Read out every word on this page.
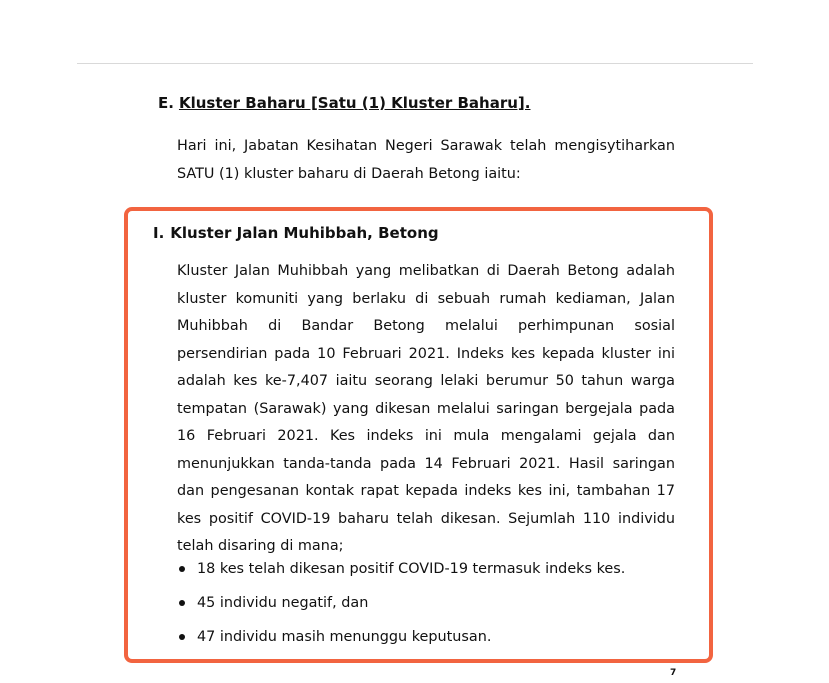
E. Kluster Baharu [Satu (1) Kluster Baharu].
Hari ini, Jabatan Kesihatan Negeri Sarawak telah mengisytiharkan SATU (1) kluster baharu di Daerah Betong iaitu:
I. Kluster Jalan Muhibbah, Betong
Kluster Jalan Muhibbah yang melibatkan di Daerah Betong adalah kluster komuniti yang berlaku di sebuah rumah kediaman, Jalan Muhibbah di Bandar Betong melalui perhimpunan sosial persendirian pada 10 Februari 2021. Indeks kes kepada kluster ini adalah kes ke-7,407 iaitu seorang lelaki berumur 50 tahun warga tempatan (Sarawak) yang dikesan melalui saringan bergejala pada 16 Februari 2021. Kes indeks ini mula mengalami gejala dan menunjukkan tanda-tanda pada 14 Februari 2021. Hasil saringan dan pengesanan kontak rapat kepada indeks kes ini, tambahan 17 kes positif COVID-19 baharu telah dikesan. Sejumlah 110 individu telah disaring di mana;
18 kes telah dikesan positif COVID-19 termasuk indeks kes.
45 individu negatif, dan
47 individu masih menunggu keputusan.
7
